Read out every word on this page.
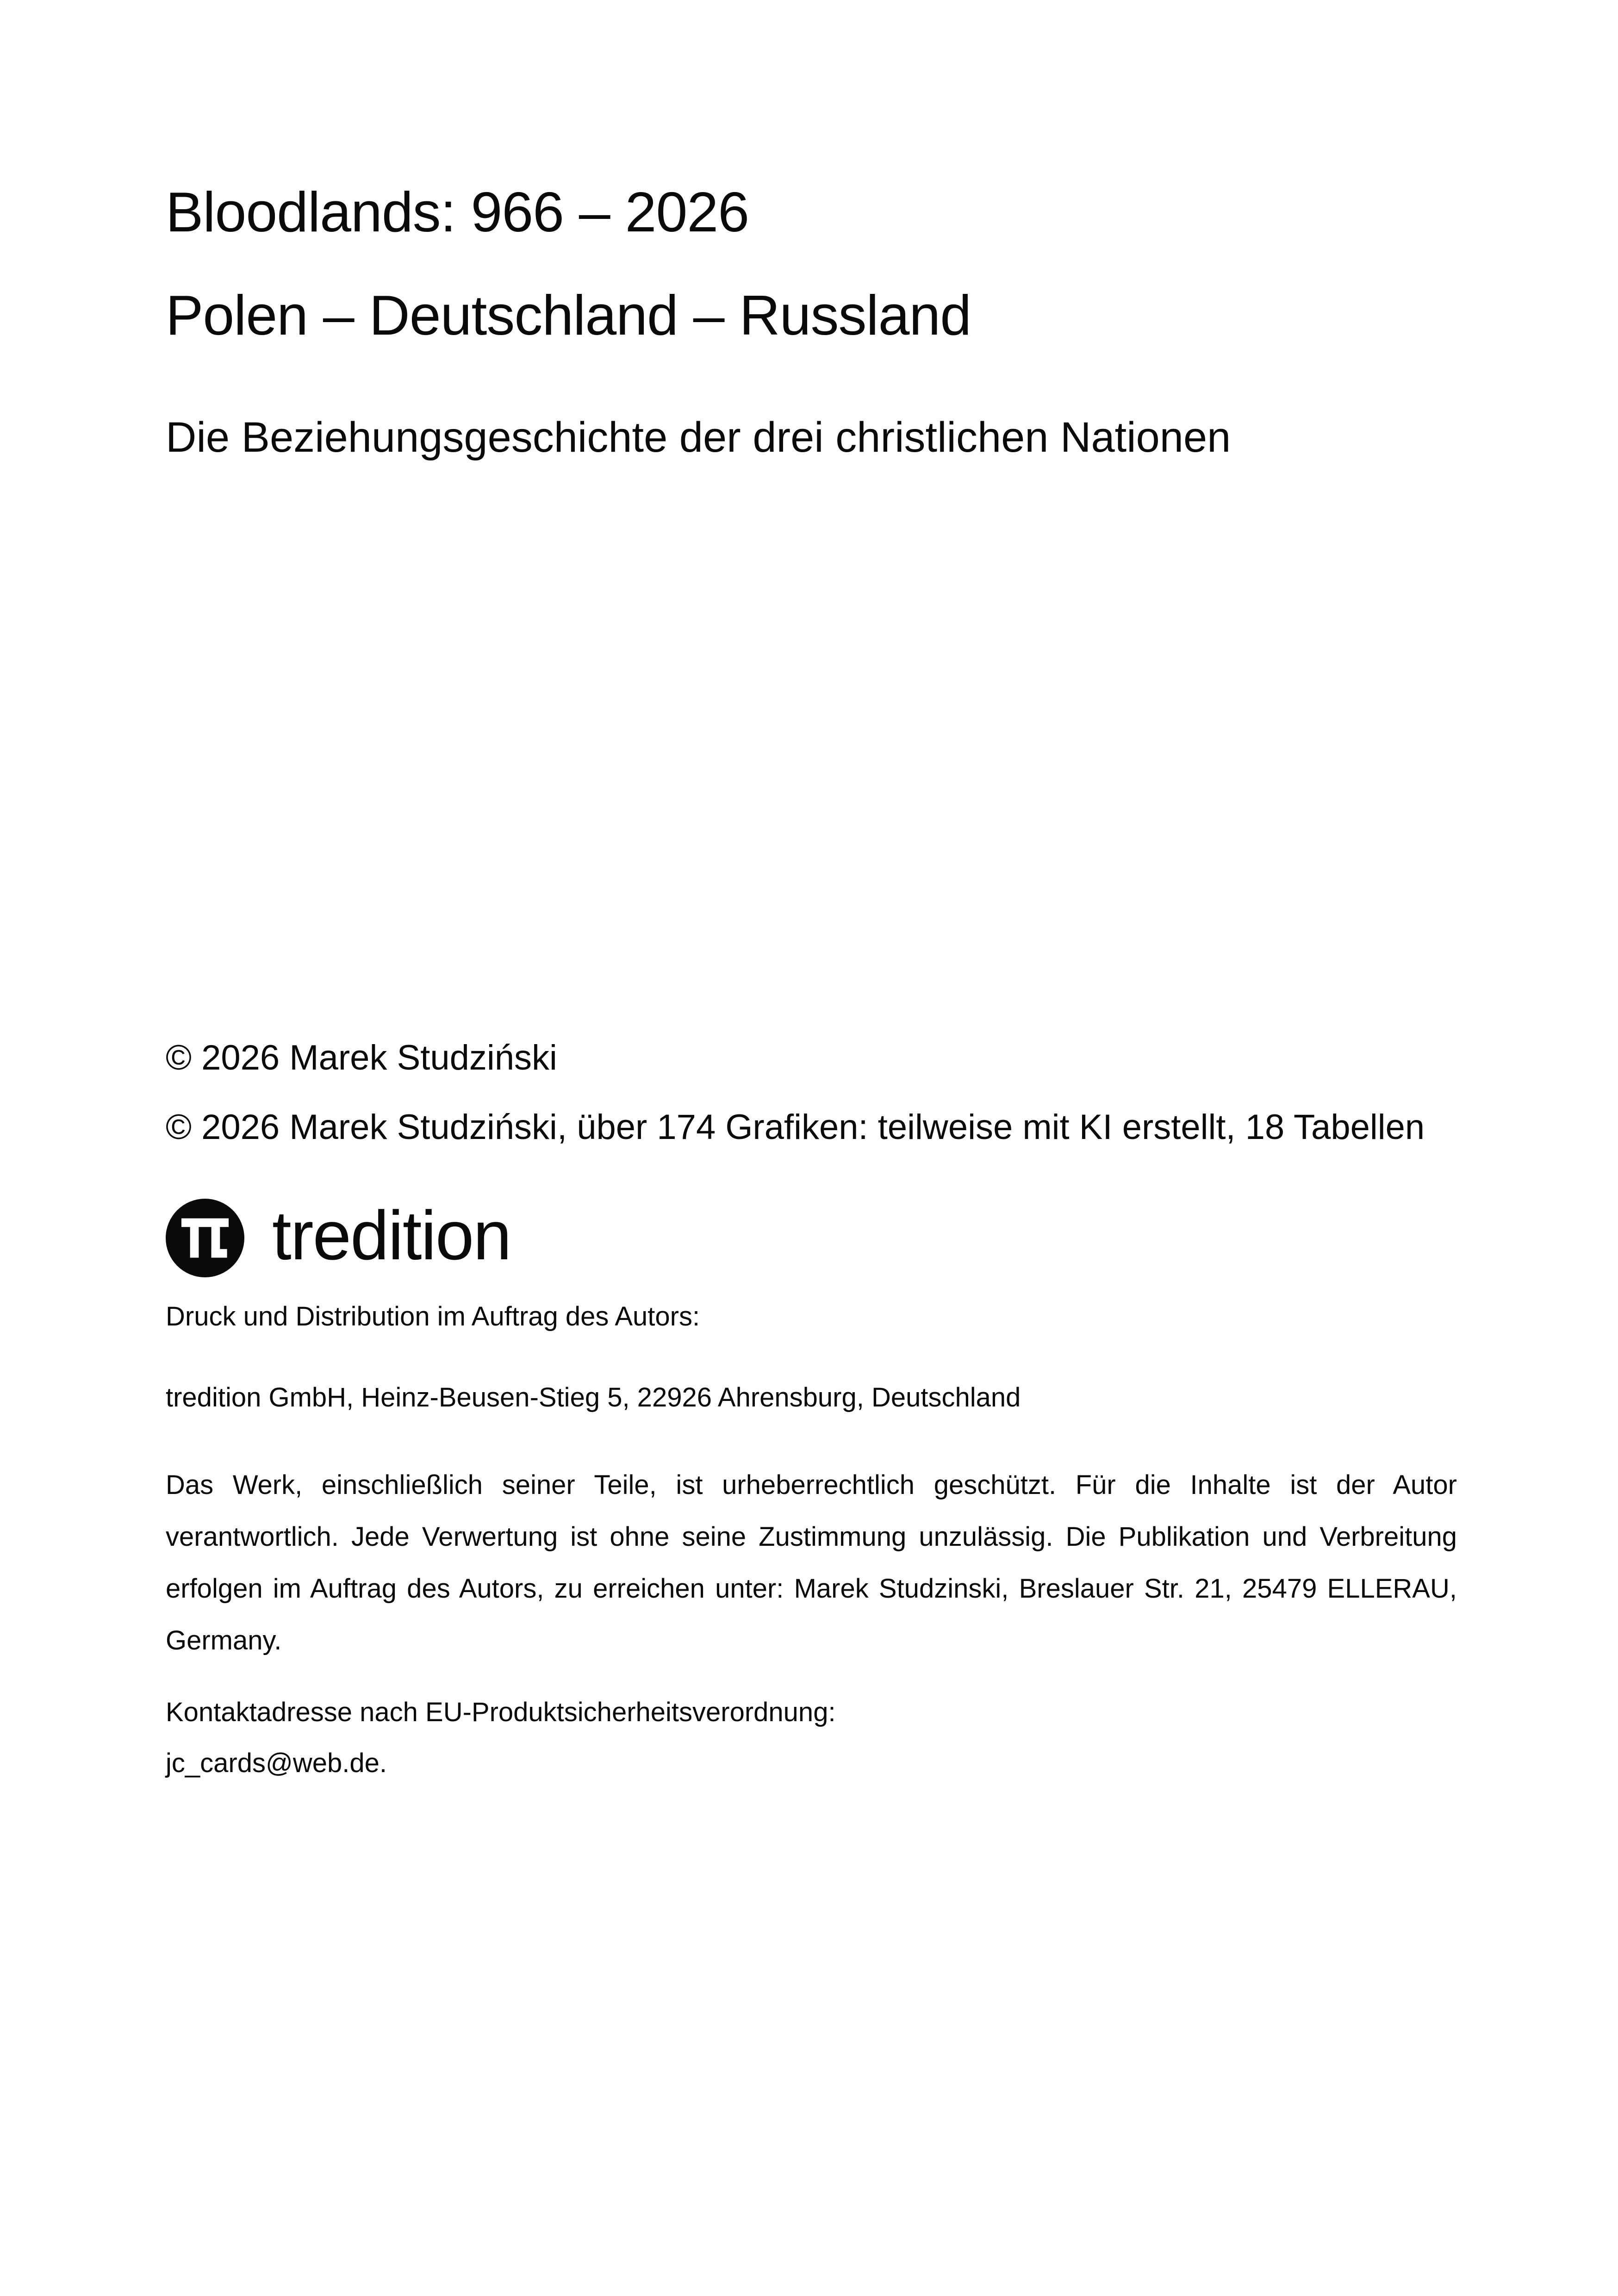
Bloodlands: 966 – 2026
Polen – Deutschland – Russland
Die Beziehungsgeschichte der drei christlichen Nationen

© 2026 Marek Studziński

© 2026 Marek Studziński, über 174 Grafiken: teilweise mit KI erstellt, 18 Tabellen

tredition

Druck und Distribution im Auftrag des Autors:

tredition GmbH, Heinz-Beusen-Stieg 5, 22926 Ahrensburg, Deutschland

Das Werk, einschließlich seiner Teile, ist urheberrechtlich geschützt. Für die Inhalte ist der Autor verantwortlich. Jede Verwertung ist ohne seine Zustimmung unzulässig. Die Publikation und Verbreitung erfolgen im Auftrag des Autors, zu erreichen unter: Marek Studzinski, Breslauer Str. 21, 25479 ELLERAU, Germany.

Kontaktadresse nach EU-Produktsicherheitsverordnung:

jc_cards@web.de.
